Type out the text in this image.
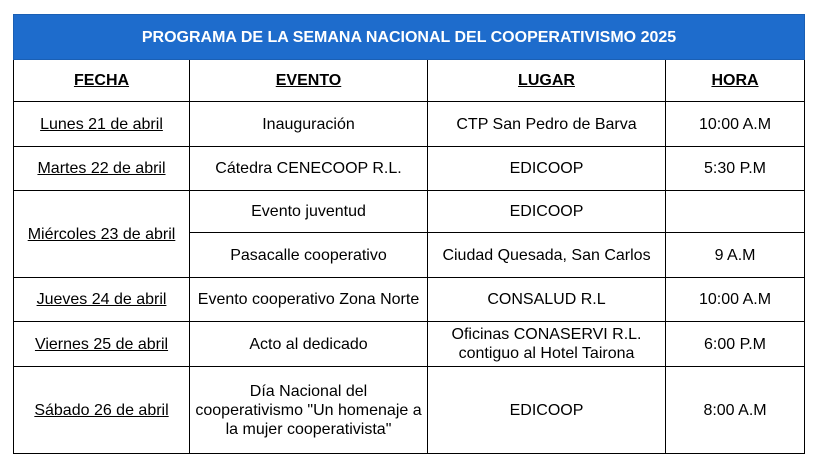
PROGRAMA DE LA SEMANA NACIONAL DEL COOPERATIVISMO 2025			
FECHA	EVENTO	LUGAR	HORA
Lunes 21 de abril	Inauguración	CTP San Pedro de Barva	10:00 A.M
Martes 22 de abril	Cátedra CENECOOP R.L.	EDICOOP	5:30 P.M
Miércoles 23 de abril	Evento juventud	EDICOOP	
	Pasacalle cooperativo	Ciudad Quesada, San Carlos	9 A.M
Jueves 24 de abril	Evento cooperativo Zona Norte	CONSALUD R.L	10:00 A.M
Viernes 25 de abril	Acto al dedicado	Oficinas CONASERVI R.L. contiguo al Hotel Tairona	6:00 P.M
Sábado 26 de abril	Día Nacional del cooperativismo "Un homenaje a la mujer cooperativista"	EDICOOP	8:00 A.M
